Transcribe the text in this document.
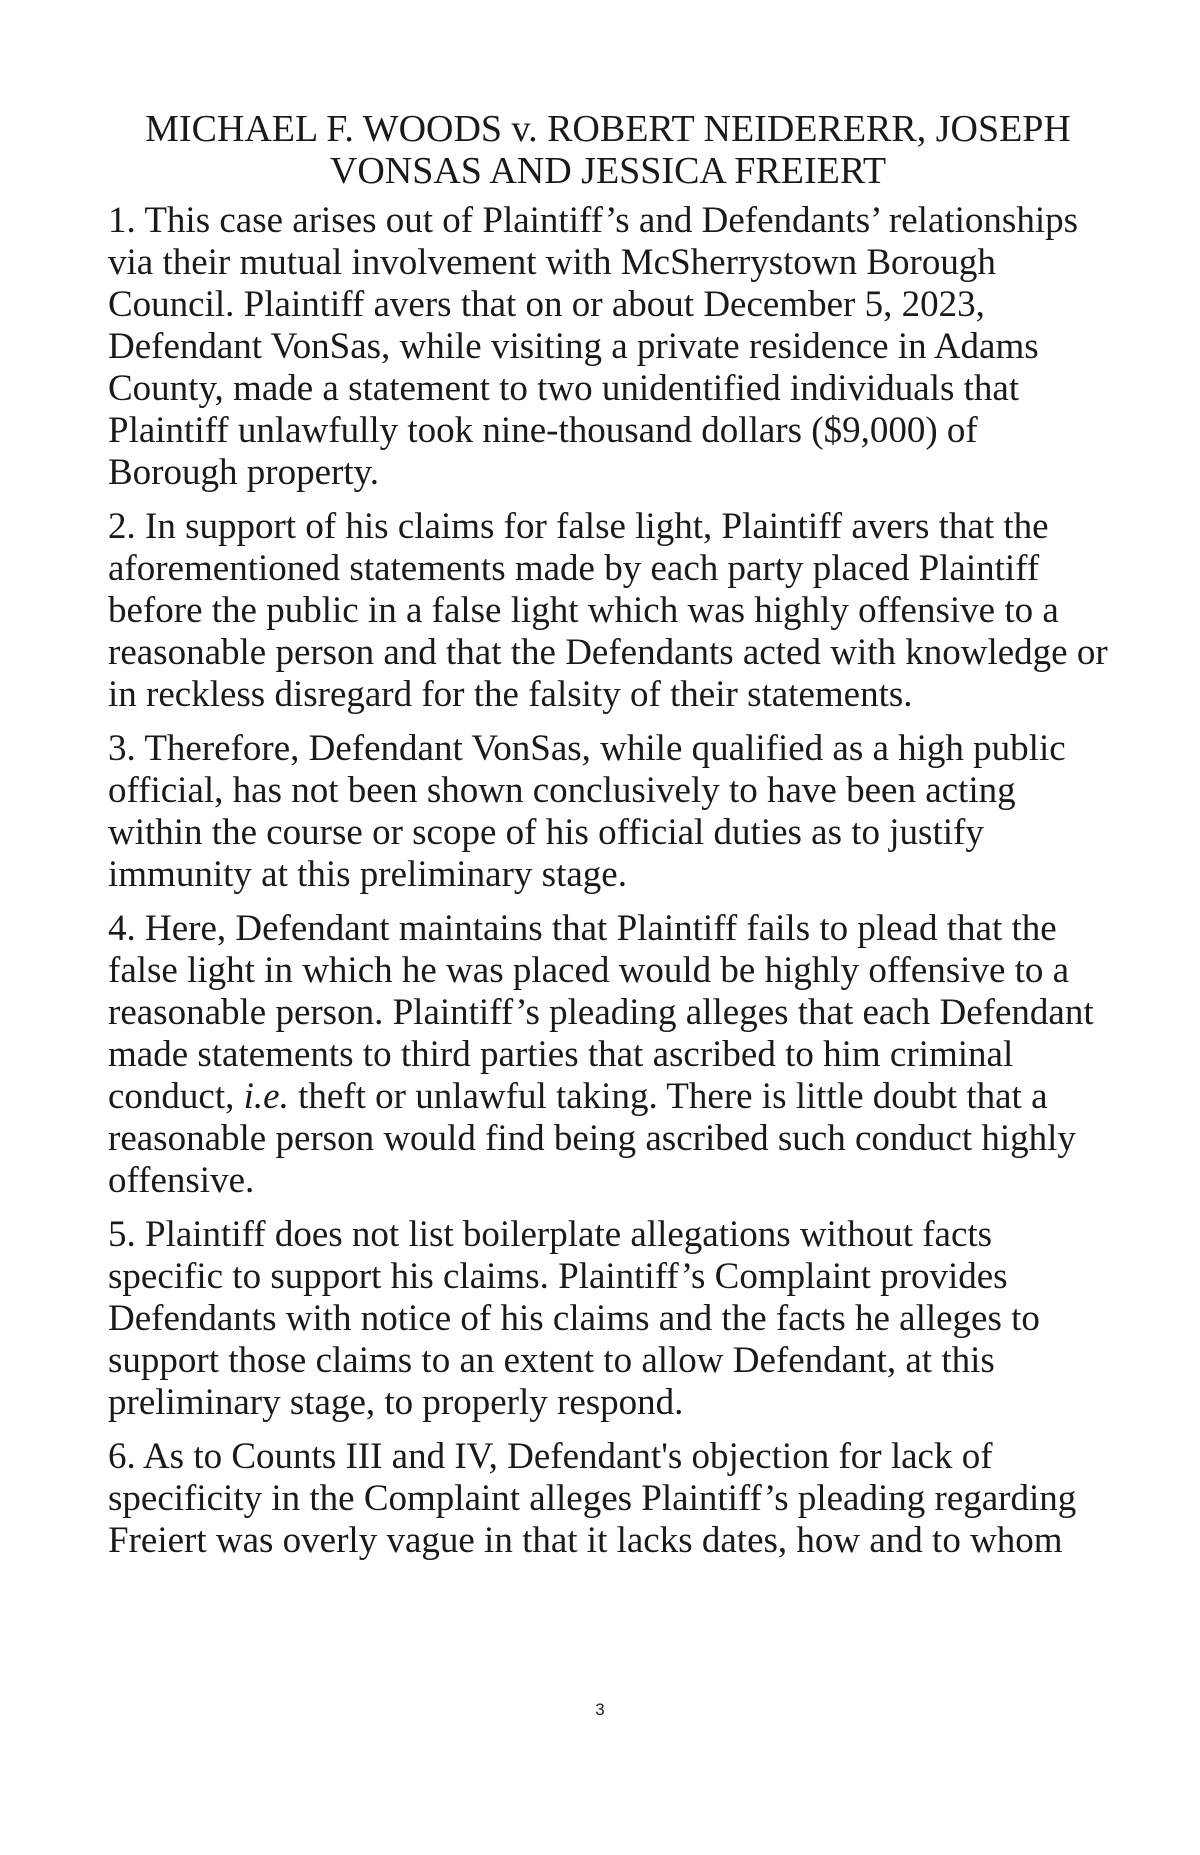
MICHAEL F. WOODS v. ROBERT NEIDERERR, JOSEPH
VONSAS AND JESSICA FREIERT

1. This case arises out of Plaintiff’s and Defendants’ relationships via their mutual involvement with McSherrystown Borough Council. Plaintiff avers that on or about December 5, 2023, Defendant VonSas, while visiting a private residence in Adams County, made a statement to two unidentified individuals that Plaintiff unlawfully took nine-thousand dollars ($9,000) of Borough property.

2. In support of his claims for false light, Plaintiff avers that the aforementioned statements made by each party placed Plaintiff before the public in a false light which was highly offensive to a reasonable person and that the Defendants acted with knowledge or in reckless disregard for the falsity of their statements.

3. Therefore, Defendant VonSas, while qualified as a high public official, has not been shown conclusively to have been acting within the course or scope of his official duties as to justify immunity at this preliminary stage.

4. Here, Defendant maintains that Plaintiff fails to plead that the false light in which he was placed would be highly offensive to a reasonable person. Plaintiff’s pleading alleges that each Defendant made statements to third parties that ascribed to him criminal conduct, i.e. theft or unlawful taking. There is little doubt that a reasonable person would find being ascribed such conduct highly offensive.

5. Plaintiff does not list boilerplate allegations without facts specific to support his claims. Plaintiff’s Complaint provides Defendants with notice of his claims and the facts he alleges to support those claims to an extent to allow Defendant, at this preliminary stage, to properly respond.

6. As to Counts III and IV, Defendant's objection for lack of specificity in the Complaint alleges Plaintiff’s pleading regarding Freiert was overly vague in that it lacks dates, how and to whom

3
